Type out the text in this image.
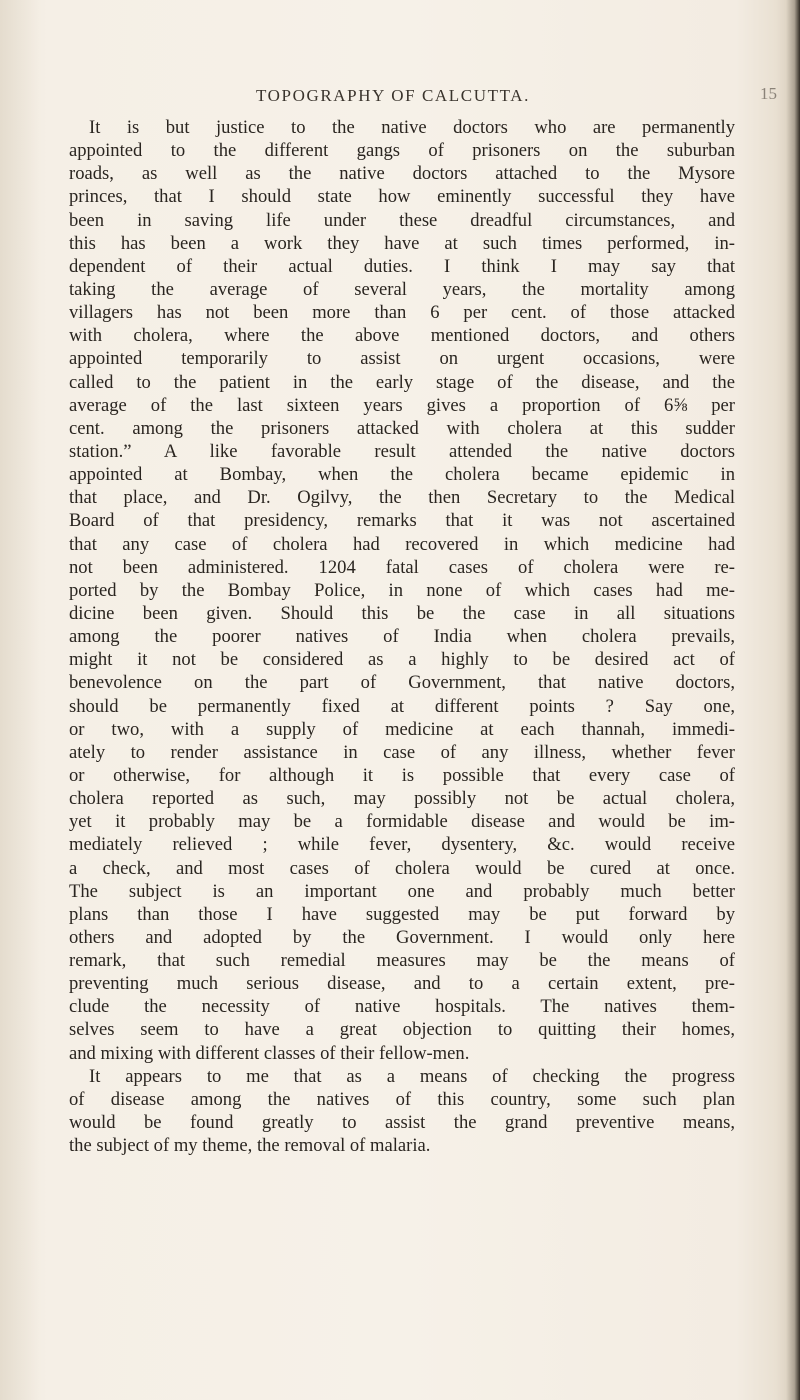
TOPOGRAPHY OF CALCUTTA.	15
It is but justice to the native doctors who are permanently
appointed to the different gangs of prisoners on the suburban
roads, as well as the native doctors attached to the Mysore
princes, that I should state how eminently successful they have
been in saving life under these dreadful circumstances, and
this has been a work they have at such times performed, in-
dependent of their actual duties. I think I may say that
taking the average of several years, the mortality among
villagers has not been more than 6 per cent. of those attacked
with cholera, where the above mentioned doctors, and others
appointed temporarily to assist on urgent occasions, were
called to the patient in the early stage of the disease, and the
average of the last sixteen years gives a proportion of 6⅝ per
cent. among the prisoners attacked with cholera at this sudder
station.” A like favorable result attended the native doctors
appointed at Bombay, when the cholera became epidemic in
that place, and Dr. Ogilvy, the then Secretary to the Medical
Board of that presidency, remarks that it was not ascertained
that any case of cholera had recovered in which medicine had
not been administered. 1204 fatal cases of cholera were re-
ported by the Bombay Police, in none of which cases had me-
dicine been given. Should this be the case in all situations
among the poorer natives of India when cholera prevails,
might it not be considered as a highly to be desired act of
benevolence on the part of Government, that native doctors,
should be permanently fixed at different points ? Say one,
or two, with a supply of medicine at each thannah, immedi-
ately to render assistance in case of any illness, whether fever
or otherwise, for although it is possible that every case of
cholera reported as such, may possibly not be actual cholera,
yet it probably may be a formidable disease and would be im-
mediately relieved ; while fever, dysentery, &c. would receive
a check, and most cases of cholera would be cured at once.
The subject is an important one and probably much better
plans than those I have suggested may be put forward by
others and adopted by the Government. I would only here
remark, that such remedial measures may be the means of
preventing much serious disease, and to a certain extent, pre-
clude the necessity of native hospitals. The natives them-
selves seem to have a great objection to quitting their homes,
and mixing with different classes of their fellow-men.
It appears to me that as a means of checking the progress
of disease among the natives of this country, some such plan
would be found greatly to assist the grand preventive means,
the subject of my theme, the removal of malaria.
